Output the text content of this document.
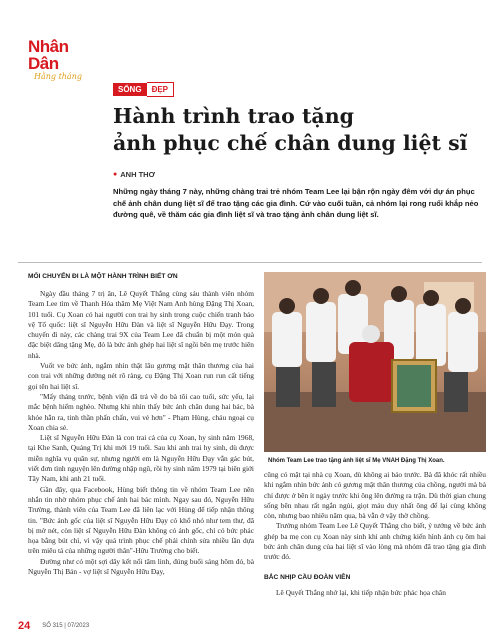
Nhân Dân
Hằng tháng
SỐNG	ĐẸP
Hành trình trao tặng
ảnh phục chế chân dung liệt sĩ
● ANH THƠ
Những ngày tháng 7 này, những chàng trai trẻ nhóm Team Lee lại bận rộn ngày đêm với dự án phục chế ảnh chân dung liệt sĩ để trao tặng các gia đình. Cứ vào cuối tuần, cả nhóm lại rong ruổi khắp nẻo đường quê, về thăm các gia đình liệt sĩ và trao tặng ảnh chân dung liệt sĩ.
MỐI CHUYỂN ĐI LÀ MỘT HÀNH TRÌNH BIẾT ƠN

Ngày đầu tháng 7 trị ăn, Lê Quyết Thắng cùng sáu thành viên nhóm Team Lee tìm về Thanh Hóa thăm Mẹ Việt Nam Anh hùng Đặng Thị Xoan, 101 tuổi. Cụ Xoan có hai người con trai hy sinh trong cuộc chiến tranh bảo vệ Tổ quốc: liệt sĩ Nguyễn Hữu Đàn và liệt sĩ Nguyễn Hữu Đạy. Trong chuyến đi này, các chàng trai 9X của Team Lee đã chuẩn bị một món quà đặc biệt dâng tặng Mẹ, đó là bức ảnh ghép hai liệt sĩ ngồi bên mẹ trước hiên nhà.

Vuốt ve bức ảnh, ngắm nhìn thật lâu gương mặt thân thương của hai con trai với những đường nét rõ ràng, cụ Đặng Thị Xoan run run cất tiếng gọi tên hai liệt sĩ.

"Mấy tháng trước, bệnh viện đã trả về do bà tôi cao tuổi, sức yếu, lại mắc bệnh hiểm nghèo. Nhưng khi nhìn thấy bức ảnh chân dung hai bác, bà khỏe hẳn ra, tinh thần phấn chấn, vui vẻ hơn" - Phạm Hùng, cháu ngoại cụ Xoan chia sẻ.

Liệt sĩ Nguyễn Hữu Đàn là con trai cả của cụ Xoan, hy sinh năm 1968, tại Khe Sanh, Quảng Trị khi mới 19 tuổi. Sau khi anh trai hy sinh, dù được miễn nghĩa vụ quân sự, nhưng người em là Nguyễn Hữu Đạy vẫn gác bút, viết đơn tình nguyện lên đường nhập ngũ, rồi hy sinh năm 1979 tại biên giới Tây Nam, khi anh 21 tuổi.

Gần đây, qua Facebook, Hùng biết thông tin về nhóm Team Lee nên nhắn tin nhờ nhóm phục chế ảnh hai bác mình. Ngay sau đó, Nguyễn Hữu Trường, thành viên của Team Lee đã liên lạc với Hùng để tiếp nhận thông tin. "Bức ảnh gốc của liệt sĩ Nguyễn Hữu Đạy có khổ nhỏ như tem thư, đã bị mờ nét, còn liệt sĩ Nguyễn Hữu Đàn không có ảnh gốc, chỉ có bức phác họa bằng bút chì, vì vậy quá trình phục chế phải chỉnh sửa nhiều lần dựa trên miêu tả của những người thân"-Hữu Trường cho biết.

Đường như có một sợi dây kết nối tâm linh, đúng buổi sáng hôm đó, bà Nguyễn Thị Bản - vợ liệt sĩ Nguyễn Hữu Đạy,

Nhóm Team Lee trao tặng ảnh liệt sĩ Mẹ VNAH Đặng Thị Xoan.

cũng có mặt tại nhà cụ Xoan, dù không ai báo trước. Bà đã khóc rất nhiều khi ngắm nhìn bức ảnh có gương mặt thân thương của chồng, người mà bà chỉ được ở bên ít ngày trước khi ông lên đường ra trận. Dù thời gian chung sống bên nhau rất ngắn ngủi, giọt máu duy nhất ông để lại cùng không còn, nhưng bao nhiêu năm qua, bà vẫn ở vậy thờ chồng.

Trưởng nhóm Team Lee Lê Quyết Thắng cho biết, ý tưởng về bức ảnh ghép ba mẹ con cụ Xoan này sinh khi anh chứng kiến hình ảnh cụ ôm hai bức ảnh chân dung của hai liệt sĩ vào lòng mà nhóm đã trao tặng gia đình trước đó.

BẮC NHỊP CẦU ĐOÀN VIÊN

Lê Quyết Thắng nhớ lại, khi tiếp nhận bức phác họa chân

24 SỐ 315 | 07/2023
